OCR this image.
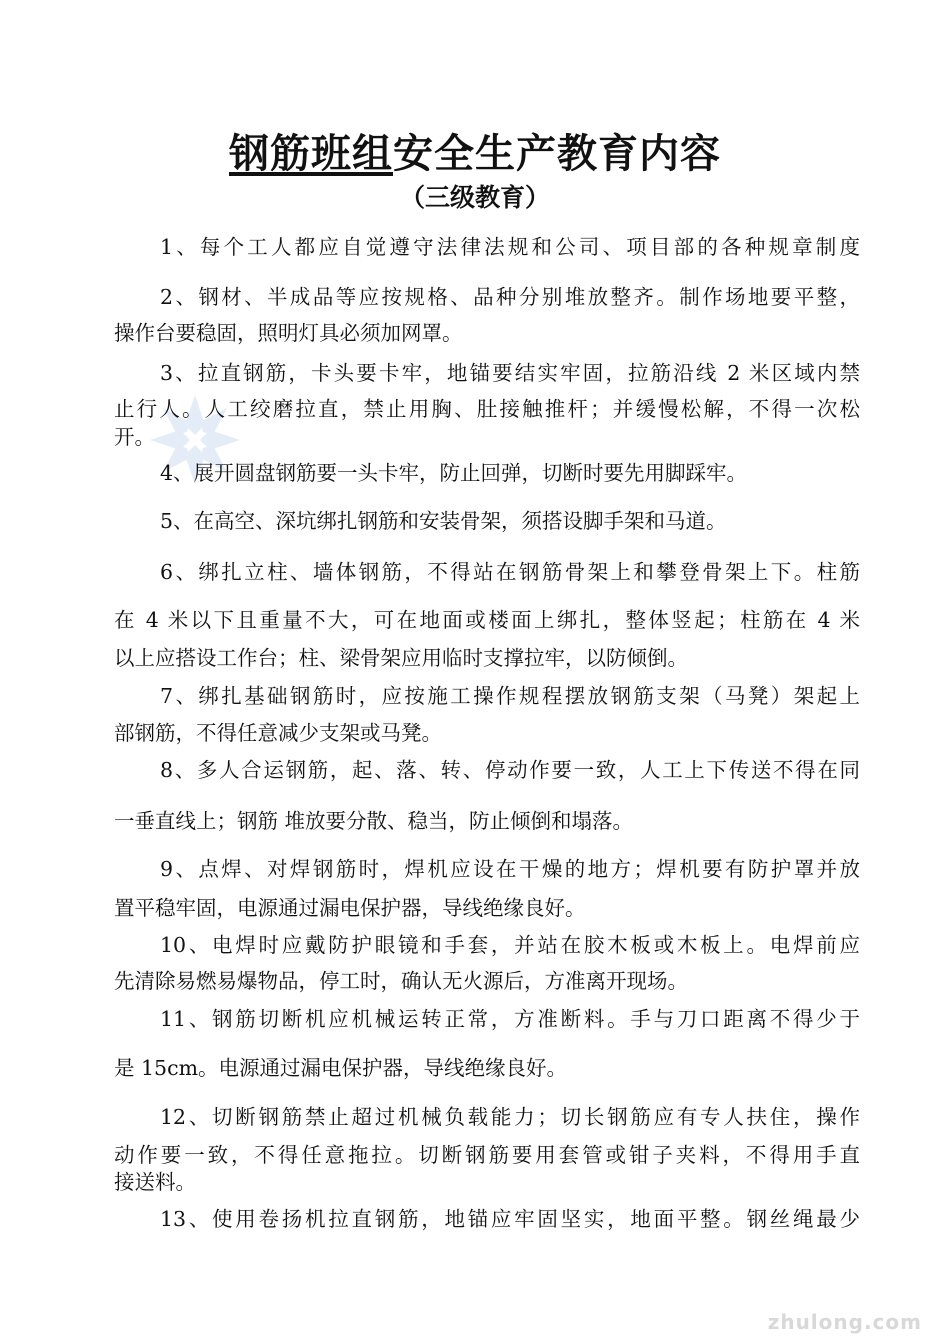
钢筋班组安全生产教育内容
（三级教育）
1、每个工人都应自觉遵守法律法规和公司、项目部的各种规章制度
2、钢材、半成品等应按规格、品种分别堆放整齐。制作场地要平整，
操作台要稳固，照明灯具必须加网罩。
3、拉直钢筋，卡头要卡牢，地锚要结实牢固，拉筋沿线 2 米区域内禁
止行人。人工绞磨拉直，禁止用胸、肚接触推杆；并缓慢松解，不得一次松
开。
4、展开圆盘钢筋要一头卡牢，防止回弹，切断时要先用脚踩牢。
5、在高空、深坑绑扎钢筋和安装骨架，须搭设脚手架和马道。
6、绑扎立柱、墙体钢筋，不得站在钢筋骨架上和攀登骨架上下。柱筋
在 4 米以下且重量不大，可在地面或楼面上绑扎，整体竖起；柱筋在 4 米
以上应搭设工作台；柱、梁骨架应用临时支撑拉牢，以防倾倒。
7、绑扎基础钢筋时，应按施工操作规程摆放钢筋支架（马凳）架起上
部钢筋，不得任意减少支架或马凳。
8、多人合运钢筋，起、落、转、停动作要一致，人工上下传送不得在同
一垂直线上；钢筋 堆放要分散、稳当，防止倾倒和塌落。
9、点焊、对焊钢筋时，焊机应设在干燥的地方；焊机要有防护罩并放
置平稳牢固，电源通过漏电保护器，导线绝缘良好。
10、电焊时应戴防护眼镜和手套，并站在胶木板或木板上。电焊前应
先清除易燃易爆物品，停工时，确认无火源后，方准离开现场。
11、钢筋切断机应机械运转正常，方准断料。手与刀口距离不得少于
是 15cm。电源通过漏电保护器，导线绝缘良好。
12、切断钢筋禁止超过机械负载能力；切长钢筋应有专人扶住，操作
动作要一致，不得任意拖拉。切断钢筋要用套管或钳子夹料，不得用手直
接送料。
13、使用卷扬机拉直钢筋，地锚应牢固坚实，地面平整。钢丝绳最少
zhulong.com
